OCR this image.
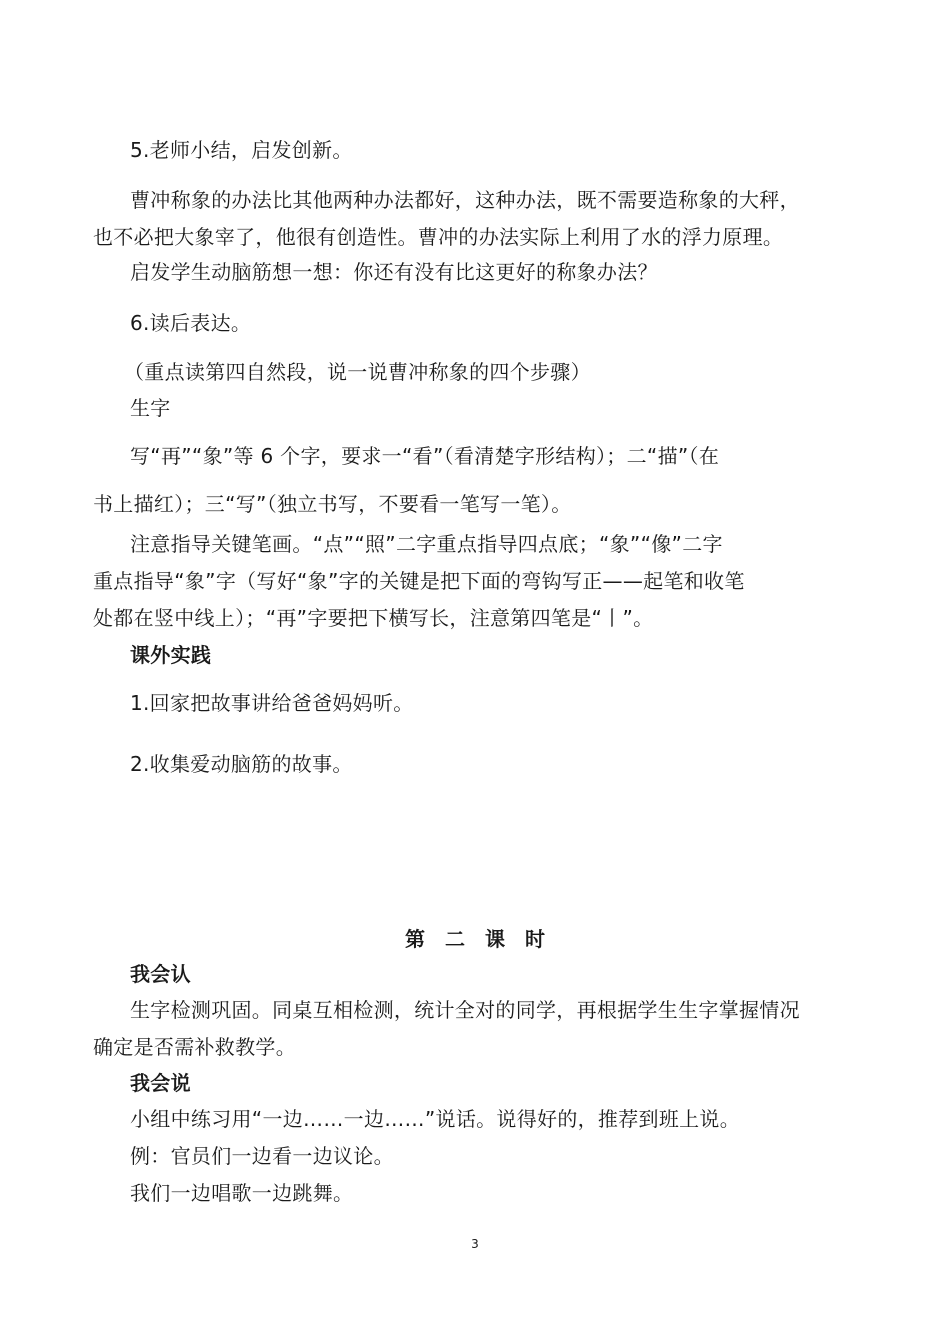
5.老师小结，启发创新。
曹冲称象的办法比其他两种办法都好，这种办法，既不需要造称象的大秤，
也不必把大象宰了，他很有创造性。曹冲的办法实际上利用了水的浮力原理。
启发学生动脑筋想一想：你还有没有比这更好的称象办法？
6.读后表达。
（重点读第四自然段，说一说曹冲称象的四个步骤）
生字
写“再”“象”等 6 个字，要求一“看”（看清楚字形结构）；二“描”（在
书上描红）；三“写”（独立书写，不要看一笔写一笔）。
注意指导关键笔画。“点”“照”二字重点指导四点底；“象”“像”二字
重点指导“象”字（写好“象”字的关键是把下面的弯钩写正——起笔和收笔
处都在竖中线上）；“再”字要把下横写长，注意第四笔是“丨”。
课外实践
1.回家把故事讲给爸爸妈妈听。
2.收集爱动脑筋的故事。
第　二　课　时
我会认
生字检测巩固。同桌互相检测，统计全对的同学，再根据学生生字掌握情况
确定是否需补救教学。
我会说
小组中练习用“一边……一边……”说话。说得好的，推荐到班上说。
例：官员们一边看一边议论。
我们一边唱歌一边跳舞。
3
